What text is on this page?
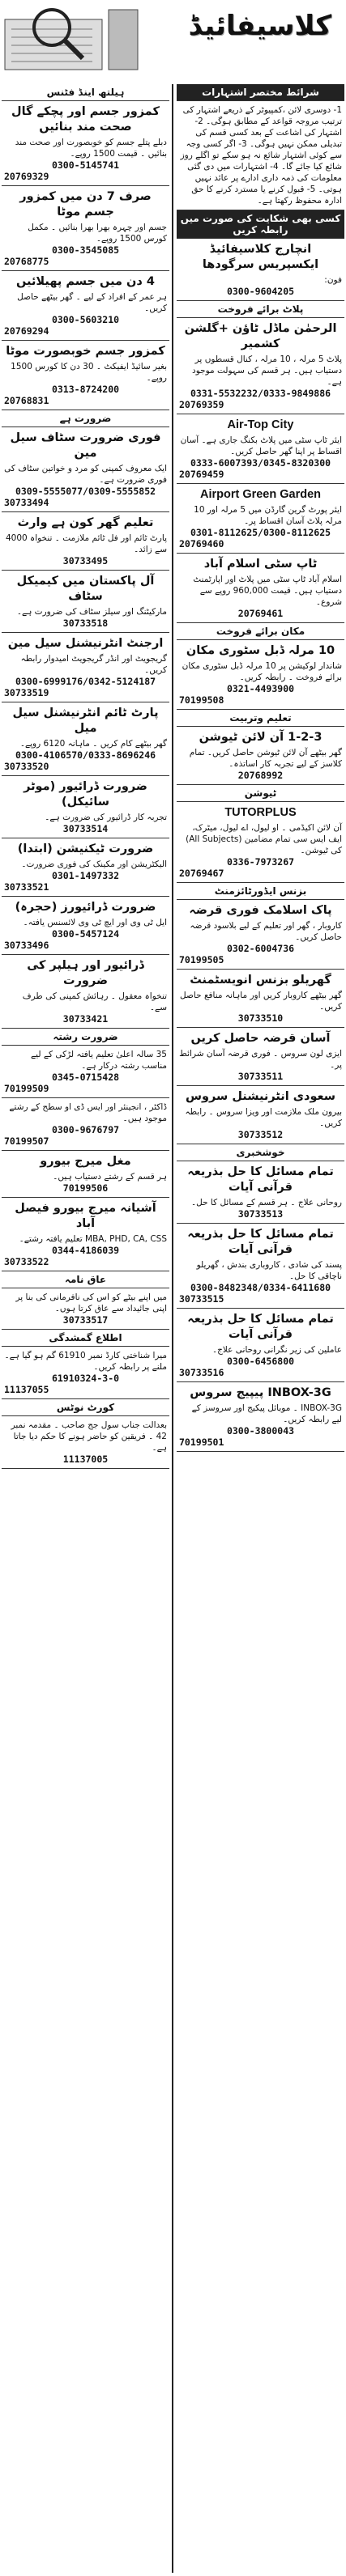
کلاسیفائیڈ
شرائط مختصر اشتہارات

1- دوسری لائن ،کمپیوٹر کے ذریعے اشتہار کی ترتیب مروجہ قواعد کے مطابق ہوگی۔ 2- اشتہار کی اشاعت کے بعد کسی قسم کی تبدیلی ممکن نہیں ہوگی۔ 3- اگر کسی وجہ سے کوئی اشتہار شائع نہ ہو سکے تو اگلے روز شائع کیا جائے گا۔ 4- اشتہارات میں دی گئی معلومات کی ذمہ داری ادارے پر عائد نہیں ہوتی۔ 5- قبول کرنے یا مسترد کرنے کا حق ادارہ محفوظ رکھتا ہے۔

کسی بھی شکایت کی صورت میں رابطہ کریں
انچارج کلاسیفائیڈ ایکسپریس سرگودھا

فون:

0300-9604205
پلاٹ برائے فروخت
الرحمٰن ماڈل ٹاؤن +گلشن کشمیر

پلاٹ 5 مرلہ ، 10 مرلہ ، کنال قسطوں پر دستیاب ہیں۔ ہر قسم کی سہولت موجود ہے۔

0331-5532232/0333-9849886
20769359
Air-Top City

ایئر ٹاپ سٹی میں پلاٹ بکنگ جاری ہے۔ آسان اقساط پر اپنا گھر حاصل کریں۔

0333-6007393/0345-8320300
20769459
Airport Green Garden

ایئر پورٹ گرین گارڈن میں 5 مرلہ اور 10 مرلہ پلاٹ آسان اقساط پر۔

0301-8112625/0300-8112625
20769460
ٹاپ سٹی اسلام آباد

اسلام آباد ٹاپ سٹی میں پلاٹ اور اپارٹمنٹ دستیاب ہیں۔ قیمت 960,000 روپے سے شروع۔

20769461
مکان برائے فروخت
10 مرلہ ڈبل سٹوری مکان

شاندار لوکیشن پر 10 مرلہ ڈبل سٹوری مکان برائے فروخت ۔ رابطہ کریں۔

0321-4493900
70199508
تعلیم وتربیت
1-2-3 آن لائن ٹیوشن

گھر بیٹھے آن لائن ٹیوشن حاصل کریں۔ تمام کلاسز کے لیے تجربہ کار اساتذہ۔

20768992
ٹیوشن
TUTORPLUS

آن لائن اکیڈمی ۔ او لیول، اے لیول، میٹرک، ایف ایس سی تمام مضامین (All Subjects) کی ٹیوشن۔

0336-7973267
20769467
بزنس ایڈورٹائزمنٹ
پاک اسلامک فوری قرضہ

کاروبار ، گھر اور تعلیم کے لیے بلاسود قرضہ حاصل کریں۔

0302-6004736
70199505
گھریلو بزنس انویسٹمنٹ

گھر بیٹھے کاروبار کریں اور ماہانہ منافع حاصل کریں۔

30733510
آسان قرضہ حاصل کریں

ایزی لون سروس ۔ فوری قرضہ آسان شرائط پر۔

30733511
سعودی انٹرنیشنل سروس

بیرون ملک ملازمت اور ویزا سروس ۔ رابطہ کریں۔

30733512
خوشخبری
تمام مسائل کا حل بذریعہ قرآنی آیات

روحانی علاج ۔ ہر قسم کے مسائل کا حل۔

30733513
تمام مسائل کا حل بذریعہ قرآنی آیات

پسند کی شادی ، کاروباری بندش ، گھریلو ناچاقی کا حل۔

0300-8482348/0334-6411680
30733515
تمام مسائل کا حل بذریعہ قرآنی آیات

عاملین کی زیر نگرانی روحانی علاج۔

0300-6456800
30733516
INBOX-3G پیپیج سروس

INBOX-3G ۔ موبائل پیکیج اور سروسز کے لیے رابطہ کریں۔

0300-3800043
70199501
ہیلتھ اینڈ فٹنس
کمزور جسم اور پچکے گال صحت مند بنائیں

دبلے پتلے جسم کو خوبصورت اور صحت مند بنائیں ۔ قیمت 1500 روپے۔

0300-5145741
20769329
صرف 7 دن میں کمزور جسم موٹا

جسم اور چہرہ بھرا بھرا بنائیں ۔ مکمل کورس 1500 روپے۔

0300-3545085
20768775
4 دن میں جسم پھیلائیں

ہر عمر کے افراد کے لیے ۔ گھر بیٹھے حاصل کریں۔

0300-5603210
20769294
کمزور جسم خوبصورت موٹا

بغیر سائیڈ ایفیکٹ ۔ 30 دن کا کورس 1500 روپے۔

0313-8724200
20768831
ضرورت ہے
فوری ضرورت سٹاف سیل مین

ایک معروف کمپنی کو مرد و خواتین سٹاف کی فوری ضرورت ہے۔

0309-5555077/0309-5555852
30733494
تعلیم گھر کون ہے وارث

پارٹ ٹائم اور فل ٹائم ملازمت ۔ تنخواہ 4000 سے زائد۔

30733495
آل پاکستان میں کیمیکل سٹاف

مارکیٹنگ اور سیلز سٹاف کی ضرورت ہے۔

30733518
ارجنٹ انٹرنیشنل سیل مین

گریجویٹ اور انڈر گریجویٹ امیدوار رابطہ کریں۔

0300-6999176/0342-5124187
30733519
پارٹ ٹائم انٹرنیشنل سیل میل

گھر بیٹھے کام کریں ۔ ماہانہ 6120 روپے۔

0300-4106570/0333-8696246
30733520
ضرورت ڈرائیور (موٹر سائیکل)

تجربہ کار ڈرائیور کی ضرورت ہے۔

30733514
ضرورت ٹیکنیشن (ابتدا)

الیکٹریشن اور مکینک کی فوری ضرورت۔

0301-1497332
30733521
ضرورت ڈرائیورز (حجرہ)

ایل ٹی وی اور ایچ ٹی وی لائسنس یافتہ۔

0300-5457124
30733496
ڈرائیور اور ہیلپر کی ضرورت

تنخواہ معقول ۔ رہائش کمپنی کی طرف سے۔

30733421
ضرورت رشتہ

35 سالہ اعلیٰ تعلیم یافتہ لڑکی کے لیے مناسب رشتہ درکار ہے۔

0345-0715428
70199509

ڈاکٹر ، انجینئر اور ایس ڈی او سطح کے رشتے موجود ہیں۔

0300-9676797
70199507
مغل میرج بیورو

ہر قسم کے رشتے دستیاب ہیں۔

70199506
آشیانہ میرج بیورو فیصل آباد

MBA, PHD, CA, CSS تعلیم یافتہ رشتے۔

0344-4186039
30733522
عاق نامہ

میں اپنے بیٹے کو اس کی نافرمانی کی بنا پر اپنی جائیداد سے عاق کرتا ہوں۔

30733517
اطلاع گمشدگی

میرا شناختی کارڈ نمبر 61910 گم ہو گیا ہے۔ ملنے پر رابطہ کریں۔

61910324-3-0
11137055
کورٹ نوٹس

بعدالت جناب سول جج صاحب ۔ مقدمہ نمبر 42 ۔ فریقین کو حاضر ہونے کا حکم دیا جاتا ہے۔

11137005
